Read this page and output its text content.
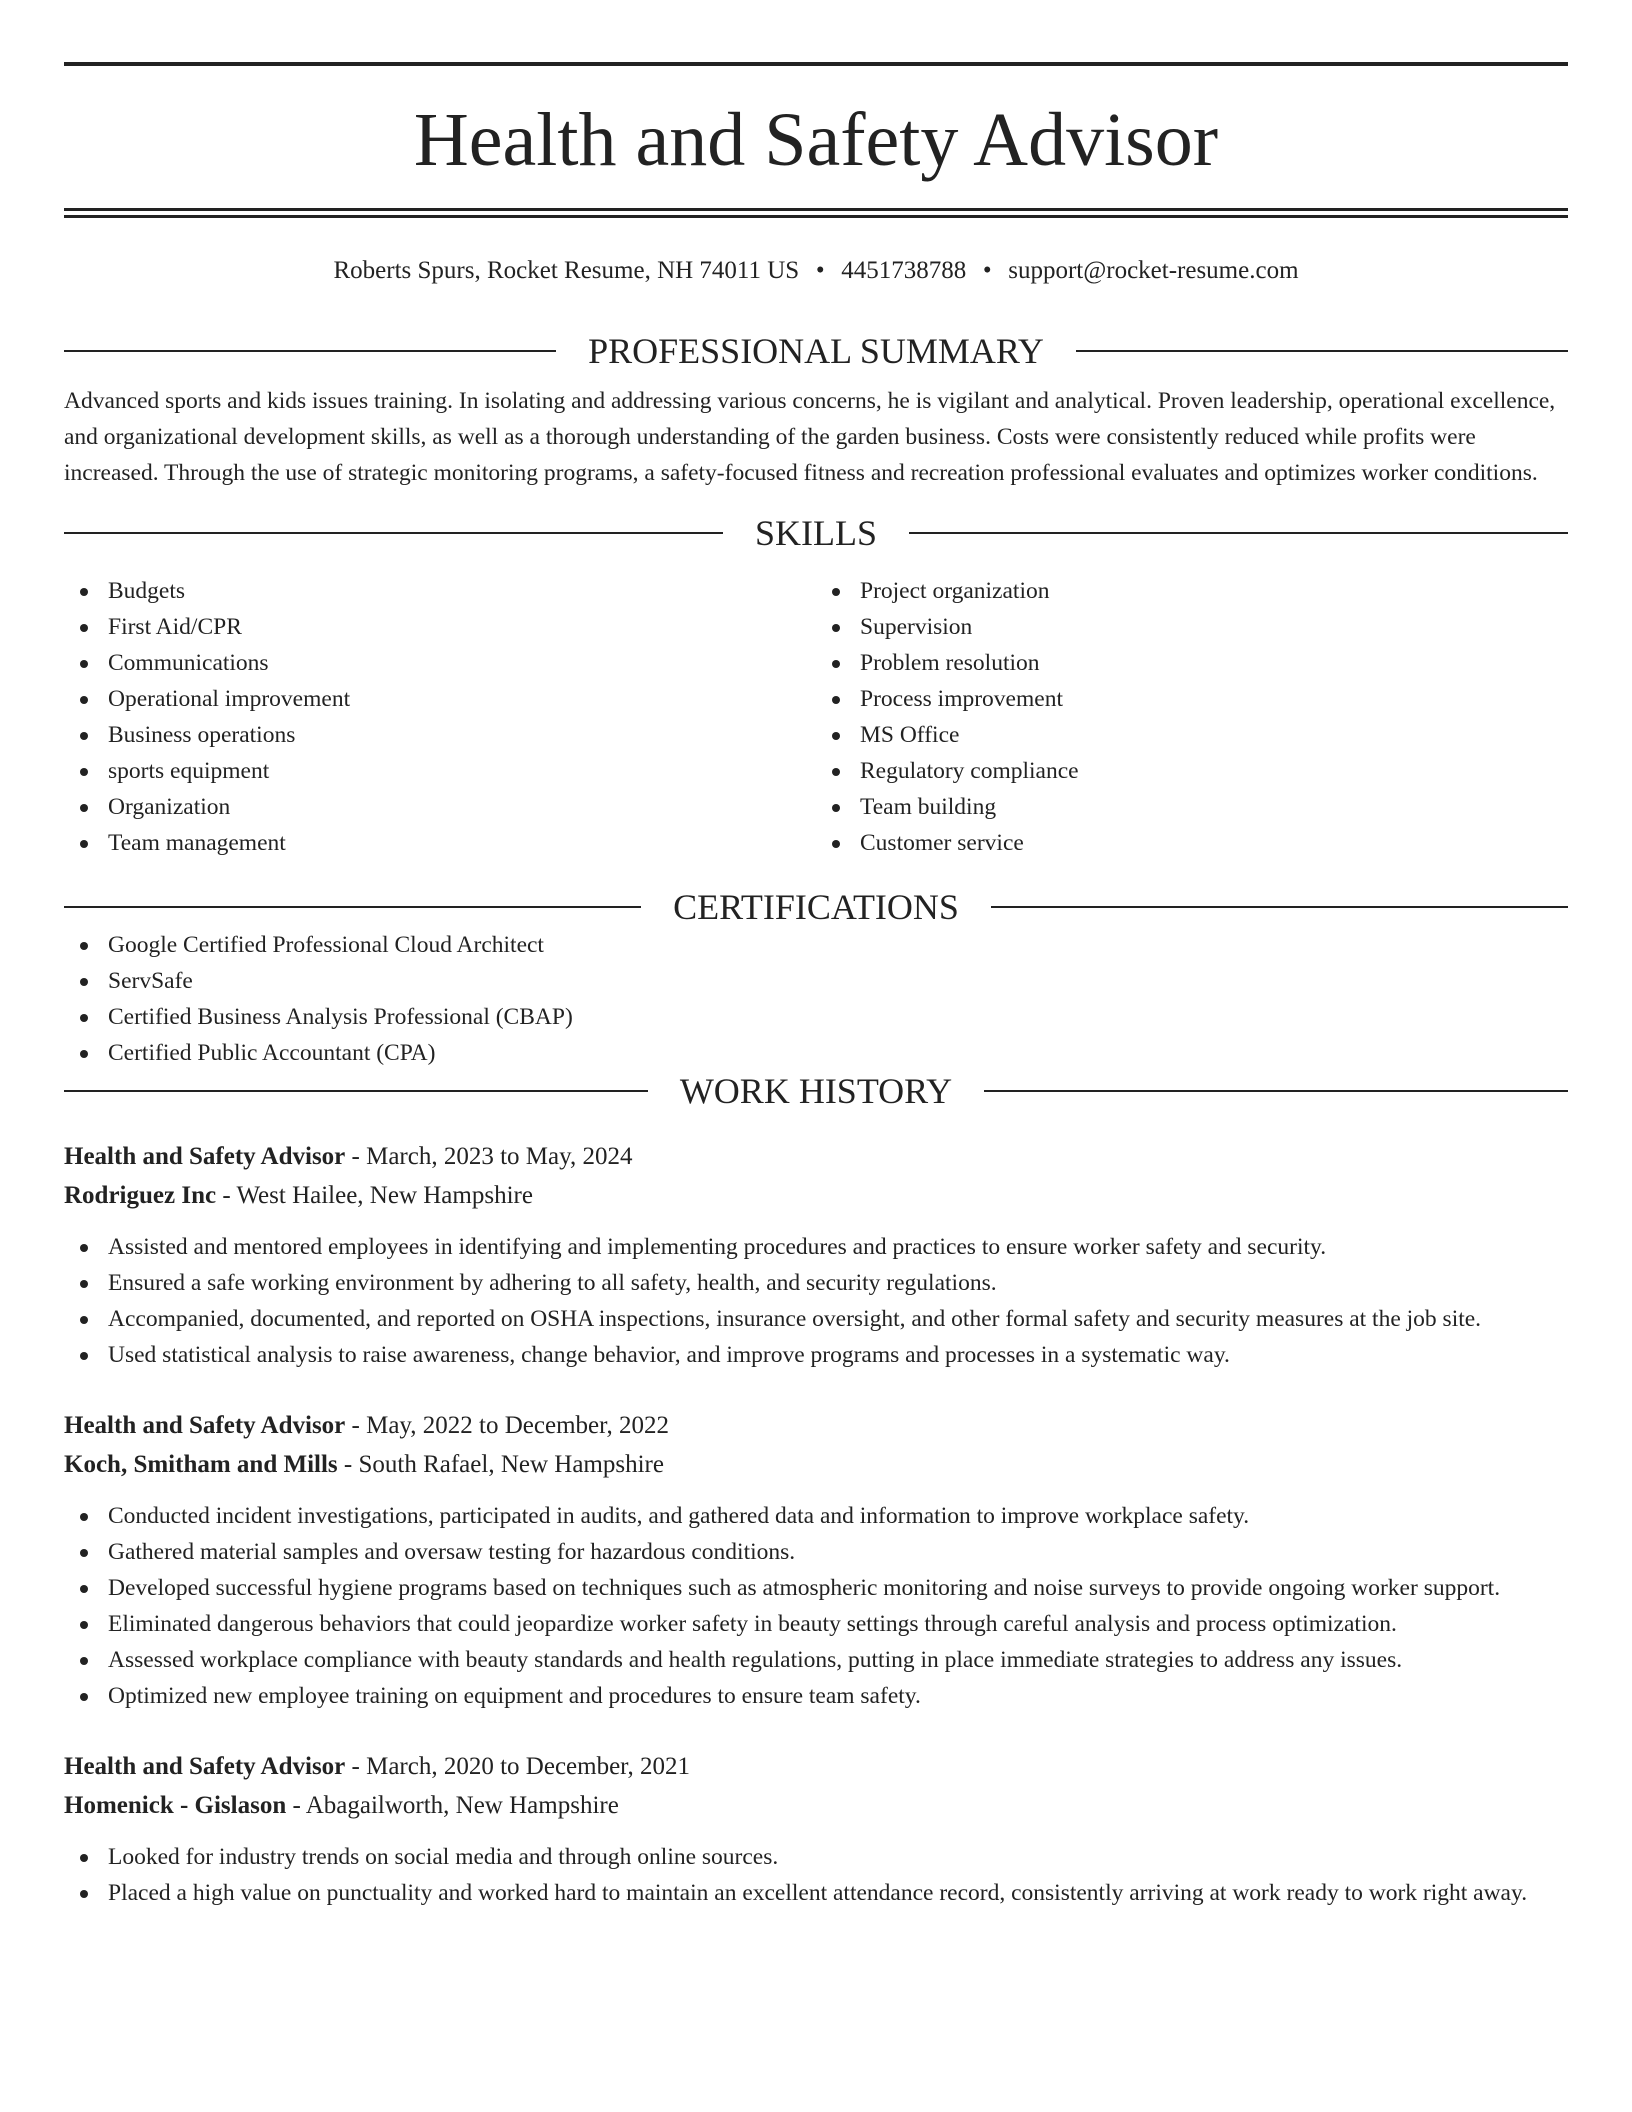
Health and Safety Advisor

Roberts Spurs, Rocket Resume, NH 74011 US • 4451738788 • support@rocket-resume.com

PROFESSIONAL SUMMARY

Advanced sports and kids issues training. In isolating and addressing various concerns, he is vigilant and analytical. Proven leadership, operational excellence, and organizational development skills, as well as a thorough understanding of the garden business. Costs were consistently reduced while profits were increased. Through the use of strategic monitoring programs, a safety-focused fitness and recreation professional evaluates and optimizes worker conditions.

SKILLS
Budgets
First Aid/CPR
Communications
Operational improvement
Business operations
sports equipment
Organization
Team management
Project organization
Supervision
Problem resolution
Process improvement
MS Office
Regulatory compliance
Team building
Customer service
CERTIFICATIONS
Google Certified Professional Cloud Architect
ServSafe
Certified Business Analysis Professional (CBAP)
Certified Public Accountant (CPA)
WORK HISTORY
Health and Safety Advisor - March, 2023 to May, 2024
Rodriguez Inc - West Hailee, New Hampshire
Assisted and mentored employees in identifying and implementing procedures and practices to ensure worker safety and security.
Ensured a safe working environment by adhering to all safety, health, and security regulations.
Accompanied, documented, and reported on OSHA inspections, insurance oversight, and other formal safety and security measures at the job site.
Used statistical analysis to raise awareness, change behavior, and improve programs and processes in a systematic way.
Health and Safety Advisor - May, 2022 to December, 2022
Koch, Smitham and Mills - South Rafael, New Hampshire
Conducted incident investigations, participated in audits, and gathered data and information to improve workplace safety.
Gathered material samples and oversaw testing for hazardous conditions.
Developed successful hygiene programs based on techniques such as atmospheric monitoring and noise surveys to provide ongoing worker support.
Eliminated dangerous behaviors that could jeopardize worker safety in beauty settings through careful analysis and process optimization.
Assessed workplace compliance with beauty standards and health regulations, putting in place immediate strategies to address any issues.
Optimized new employee training on equipment and procedures to ensure team safety.
Health and Safety Advisor - March, 2020 to December, 2021
Homenick - Gislason - Abagailworth, New Hampshire
Looked for industry trends on social media and through online sources.
Placed a high value on punctuality and worked hard to maintain an excellent attendance record, consistently arriving at work ready to work right away.
